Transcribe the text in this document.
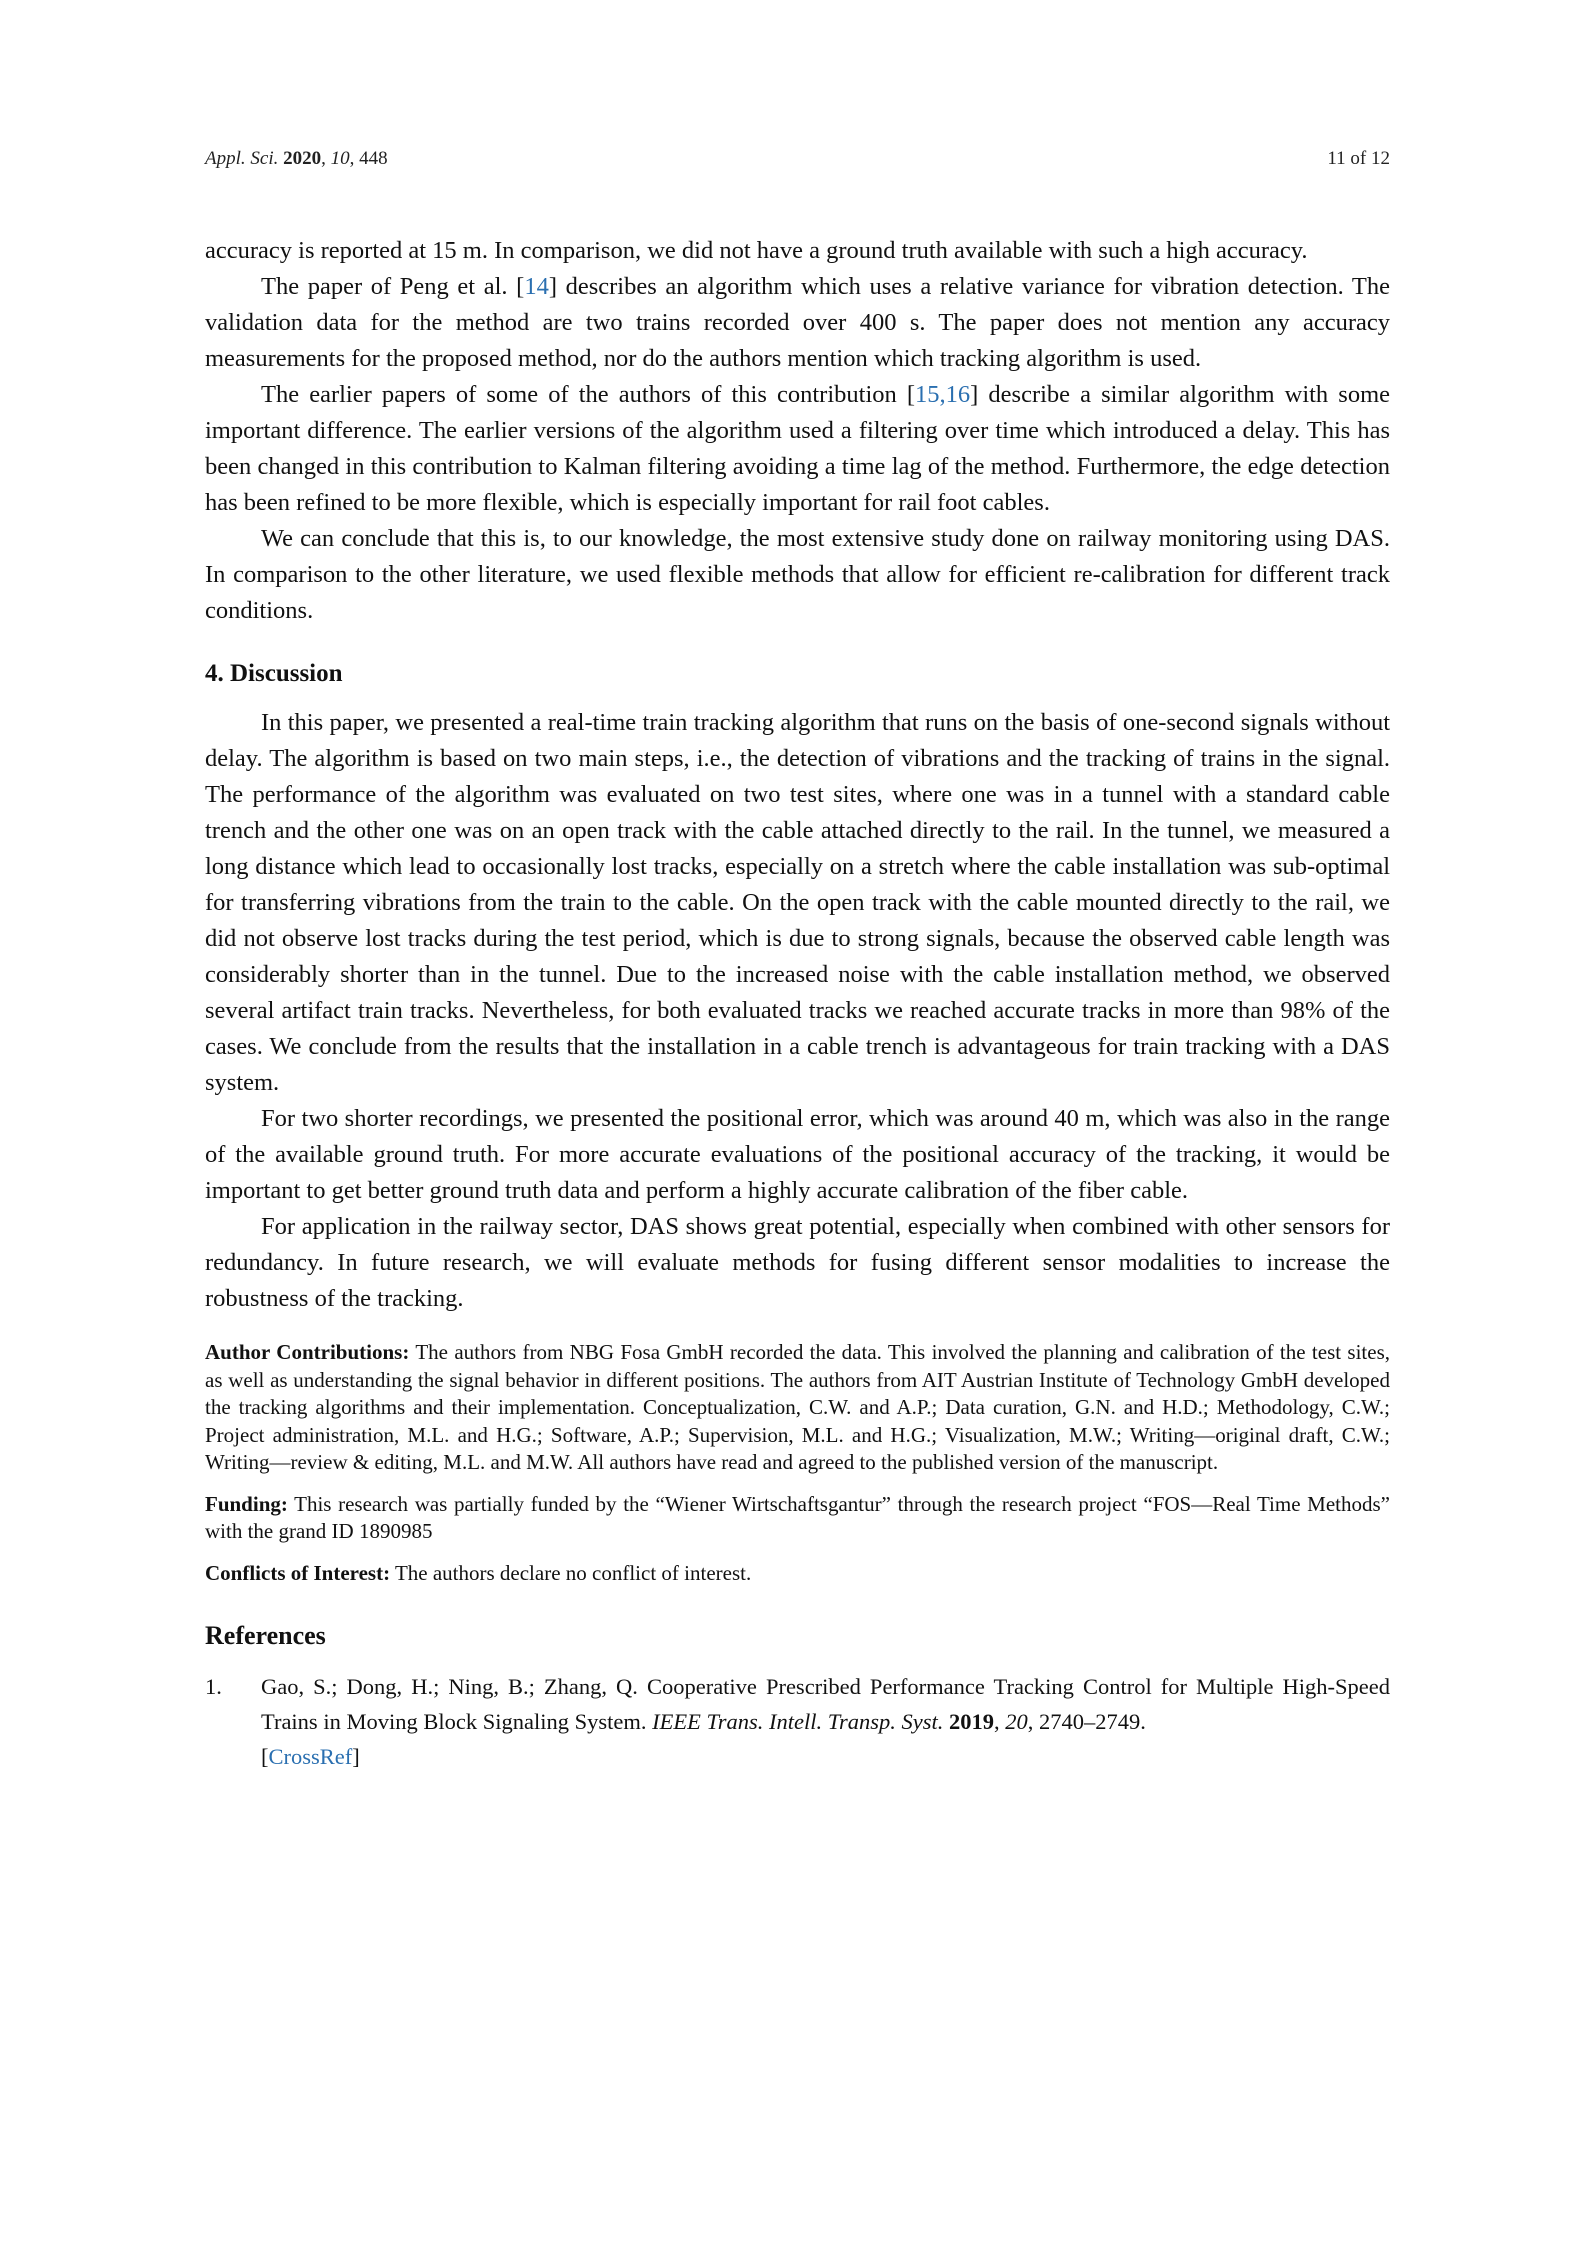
Appl. Sci. 2020, 10, 448	11 of 12

accuracy is reported at 15 m. In comparison, we did not have a ground truth available with such a high accuracy.

The paper of Peng et al. [14] describes an algorithm which uses a relative variance for vibration detection. The validation data for the method are two trains recorded over 400 s. The paper does not mention any accuracy measurements for the proposed method, nor do the authors mention which tracking algorithm is used.

The earlier papers of some of the authors of this contribution [15,16] describe a similar algorithm with some important difference. The earlier versions of the algorithm used a filtering over time which introduced a delay. This has been changed in this contribution to Kalman filtering avoiding a time lag of the method. Furthermore, the edge detection has been refined to be more flexible, which is especially important for rail foot cables.

We can conclude that this is, to our knowledge, the most extensive study done on railway monitoring using DAS. In comparison to the other literature, we used flexible methods that allow for efficient re-calibration for different track conditions.

4. Discussion

In this paper, we presented a real-time train tracking algorithm that runs on the basis of one-second signals without delay. The algorithm is based on two main steps, i.e., the detection of vibrations and the tracking of trains in the signal. The performance of the algorithm was evaluated on two test sites, where one was in a tunnel with a standard cable trench and the other one was on an open track with the cable attached directly to the rail. In the tunnel, we measured a long distance which lead to occasionally lost tracks, especially on a stretch where the cable installation was sub-optimal for transferring vibrations from the train to the cable. On the open track with the cable mounted directly to the rail, we did not observe lost tracks during the test period, which is due to strong signals, because the observed cable length was considerably shorter than in the tunnel. Due to the increased noise with the cable installation method, we observed several artifact train tracks. Nevertheless, for both evaluated tracks we reached accurate tracks in more than 98% of the cases. We conclude from the results that the installation in a cable trench is advantageous for train tracking with a DAS system.

For two shorter recordings, we presented the positional error, which was around 40 m, which was also in the range of the available ground truth. For more accurate evaluations of the positional accuracy of the tracking, it would be important to get better ground truth data and perform a highly accurate calibration of the fiber cable.

For application in the railway sector, DAS shows great potential, especially when combined with other sensors for redundancy. In future research, we will evaluate methods for fusing different sensor modalities to increase the robustness of the tracking.

Author Contributions: The authors from NBG Fosa GmbH recorded the data. This involved the planning and calibration of the test sites, as well as understanding the signal behavior in different positions. The authors from AIT Austrian Institute of Technology GmbH developed the tracking algorithms and their implementation. Conceptualization, C.W. and A.P.; Data curation, G.N. and H.D.; Methodology, C.W.; Project administration, M.L. and H.G.; Software, A.P.; Supervision, M.L. and H.G.; Visualization, M.W.; Writing—original draft, C.W.; Writing—review & editing, M.L. and M.W. All authors have read and agreed to the published version of the manuscript.

Funding: This research was partially funded by the “Wiener Wirtschaftsgantur” through the research project “FOS—Real Time Methods” with the grand ID 1890985

Conflicts of Interest: The authors declare no conflict of interest.

References
1. Gao, S.; Dong, H.; Ning, B.; Zhang, Q. Cooperative Prescribed Performance Tracking Control for Multiple High-Speed Trains in Moving Block Signaling System. IEEE Trans. Intell. Transp. Syst. 2019, 20, 2740–2749.
[CrossRef]
